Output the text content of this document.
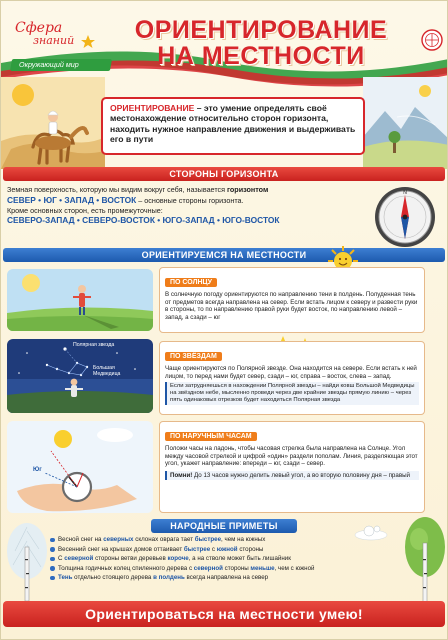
Сфера
знаний
Окружающий мир
ОРИЕНТИРОВАНИЕ
НА МЕСТНОСТИ
ОРИЕНТИРОВАНИЕ – это умение определять своё местонахождение относительно сторон горизонта, находить нужное направление движения и выдерживать его в пути
СТОРОНЫ ГОРИЗОНТА
Земная поверхность, которую мы видим вокруг себя, называется горизонтом
СЕВЕР • ЮГ • ЗАПАД • ВОСТОК – основные стороны горизонта.
Кроме основных сторон, есть промежуточные:
СЕВЕРО-ЗАПАД • СЕВЕРО-ВОСТОК • ЮГО-ЗАПАД • ЮГО-ВОСТОК
N
ОРИЕНТИРУЕМСЯ НА МЕСТНОСТИ
ПО СОЛНЦУ
В солнечную погоду ориентируются по направлению тени в полдень. Полуденная тень от предметов всегда направлена на север. Если встать лицом к северу и развести руки в стороны, то по направлению правой руки будет восток, по направлению левой – запад, а сзади – юг
Полярная звезда
Большая Медведица
ПО ЗВЁЗДАМ
Чаще ориентируются по Полярной звезде. Она находится на севере. Если встать к ней лицом, то перед нами будет север, сзади – юг, справа – восток, слева – запад.
Если затрудняешься в нахождении Полярной звезды – найди ковш Большой Медведицы на звёздном небе, мысленно проведи через две крайние звезды прямую линию – через пять одинаковых отрезков будет находиться Полярная звезда
Юг
ПО НАРУЧНЫМ ЧАСАМ
Положи часы на ладонь, чтобы часовая стрелка была направлена на Солнце. Угол между часовой стрелкой и цифрой «один» раздели пополам. Линия, разделяющая этот угол, укажет направление: впереди – юг, сзади – север.
Помни! До 13 часов нужно делить левый угол, а во вторую половину дня – правый
НАРОДНЫЕ ПРИМЕТЫ
Весной снег на северных склонах оврага тает быстрее, чем на южных
Весенний снег на крышах домов оттаивает быстрее с южной стороны
С северной стороны ветви деревьев короче, а на стволе может быть лишайник
Толщина годичных колец спиленного дерева с северной стороны меньше, чем с южной
Тень отдельно стоящего дерева в полдень всегда направлена на север
Ориентироваться на местности умею!
